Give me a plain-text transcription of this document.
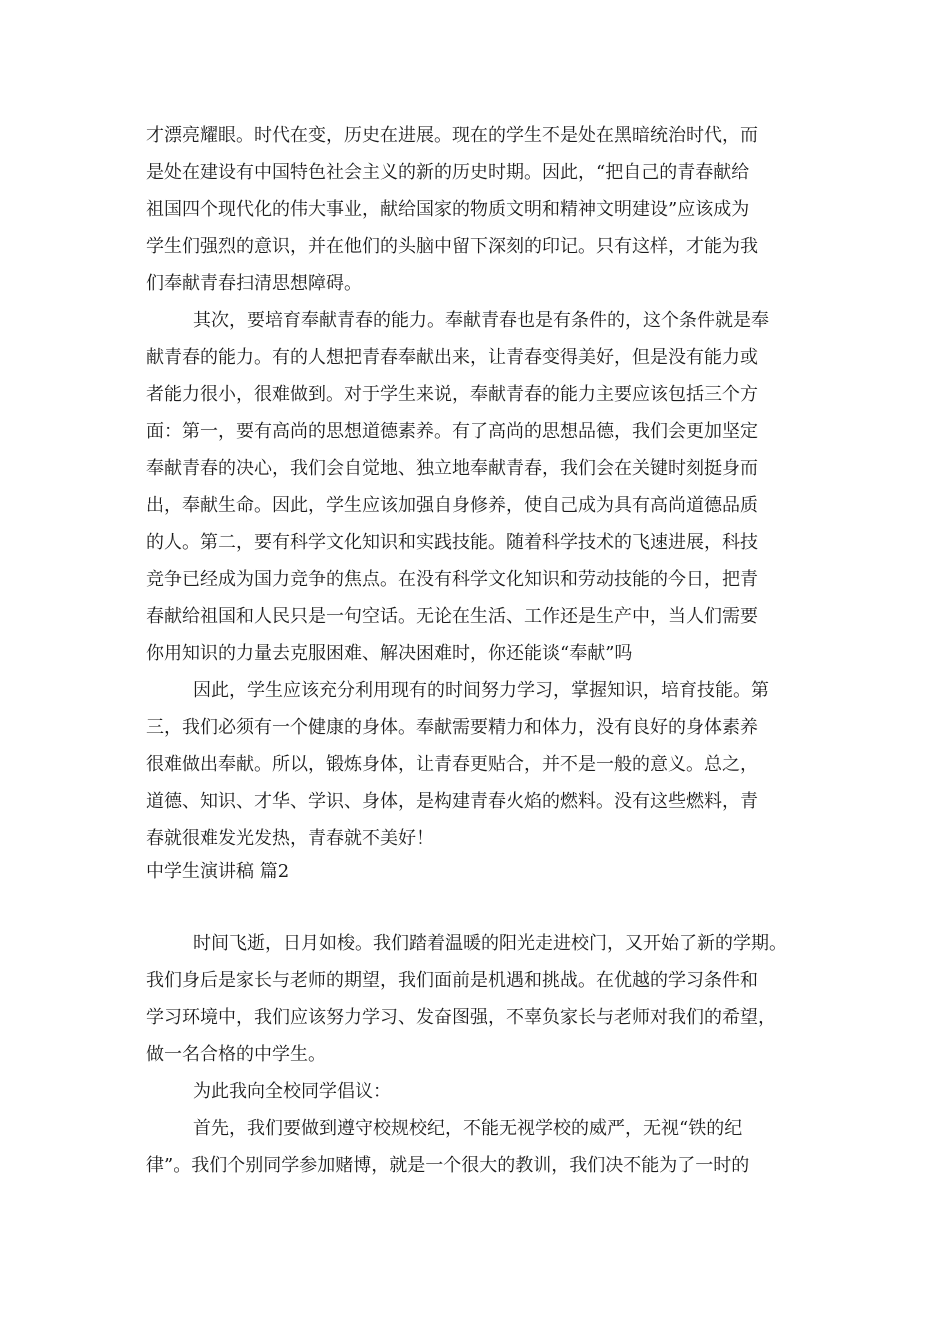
才漂亮耀眼。时代在变，历史在进展。现在的学生不是处在黑暗统治时代，而

是处在建设有中国特色社会主义的新的历史时期。因此，“把自己的青春献给

祖国四个现代化的伟大事业，献给国家的物质文明和精神文明建设”应该成为

学生们强烈的意识，并在他们的头脑中留下深刻的印记。只有这样，才能为我

们奉献青春扫清思想障碍。

其次，要培育奉献青春的能力。奉献青春也是有条件的，这个条件就是奉

献青春的能力。有的人想把青春奉献出来，让青春变得美好，但是没有能力或

者能力很小，很难做到。对于学生来说，奉献青春的能力主要应该包括三个方

面：第一，要有高尚的思想道德素养。有了高尚的思想品德，我们会更加坚定

奉献青春的决心，我们会自觉地、独立地奉献青春，我们会在关键时刻挺身而

出，奉献生命。因此，学生应该加强自身修养，使自己成为具有高尚道德品质

的人。第二，要有科学文化知识和实践技能。随着科学技术的飞速进展，科技

竞争已经成为国力竞争的焦点。在没有科学文化知识和劳动技能的今日，把青

春献给祖国和人民只是一句空话。无论在生活、工作还是生产中，当人们需要

你用知识的力量去克服困难、解决困难时，你还能谈“奉献”吗

因此，学生应该充分利用现有的时间努力学习，掌握知识，培育技能。第

三，我们必须有一个健康的身体。奉献需要精力和体力，没有良好的身体素养

很难做出奉献。所以，锻炼身体，让青春更贴合，并不是一般的意义。总之，

道德、知识、才华、学识、身体，是构建青春火焰的燃料。没有这些燃料，青

春就很难发光发热，青春就不美好！

中学生演讲稿 篇2

时间飞逝，日月如梭。我们踏着温暖的阳光走进校门，又开始了新的学期。

我们身后是家长与老师的期望，我们面前是机遇和挑战。在优越的学习条件和

学习环境中，我们应该努力学习、发奋图强，不辜负家长与老师对我们的希望，

做一名合格的中学生。

为此我向全校同学倡议：

首先，我们要做到遵守校规校纪，不能无视学校的威严，无视“铁的纪

律”。我们个别同学参加赌博，就是一个很大的教训，我们决不能为了一时的
